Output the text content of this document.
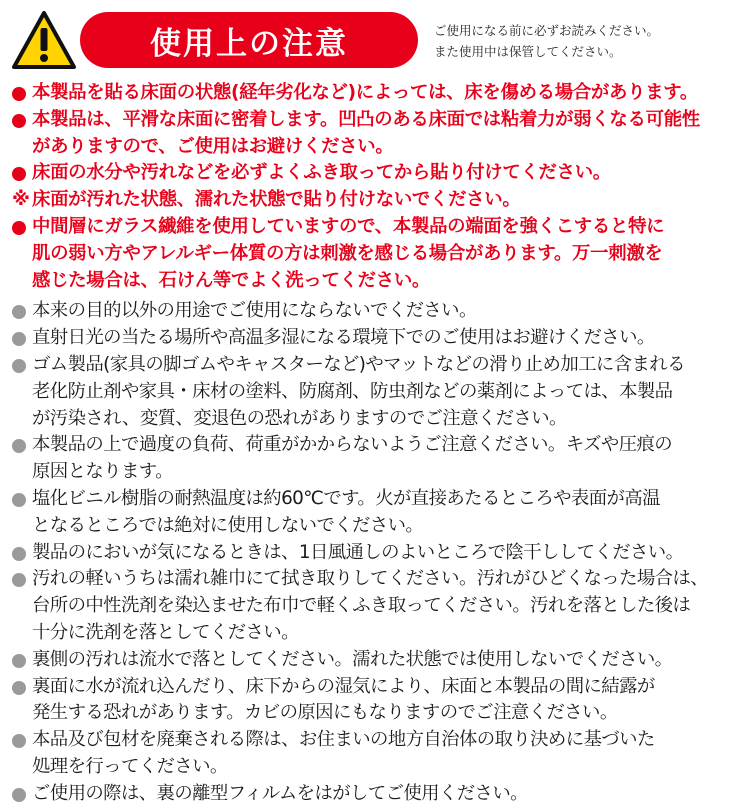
使用上の注意	ご使用になる前に必ずお読みください。
また使用中は保管してください。
本製品を貼る床面の状態(経年劣化など)によっては、床を傷める場合があります。
本製品は、平滑な床面に密着します。凹凸のある床面では粘着力が弱くなる可能性
がありますので、ご使用はお避けください。
床面の水分や汚れなどを必ずよくふき取ってから貼り付けてください。
※ 床面が汚れた状態、濡れた状態で貼り付けないでください。
中間層にガラス繊維を使用していますので、本製品の端面を強くこすると特に
肌の弱い方やアレルギー体質の方は刺激を感じる場合があります。万一刺激を
感じた場合は、石けん等でよく洗ってください。
本来の目的以外の用途でご使用にならないでください。
直射日光の当たる場所や高温多湿になる環境下でのご使用はお避けください。
ゴム製品(家具の脚ゴムやキャスターなど)やマットなどの滑り止め加工に含まれる
老化防止剤や家具・床材の塗料、防腐剤、防虫剤などの薬剤によっては、本製品
が汚染され、変質、変退色の恐れがありますのでご注意ください。
本製品の上で過度の負荷、荷重がかからないようご注意ください。キズや圧痕の
原因となります。
塩化ビニル樹脂の耐熱温度は約60℃です。火が直接あたるところや表面が高温
となるところでは絶対に使用しないでください。
製品のにおいが気になるときは、1日風通しのよいところで陰干ししてください。
汚れの軽いうちは濡れ雑巾にて拭き取りしてください。汚れがひどくなった場合は、
台所の中性洗剤を染込ませた布巾で軽くふき取ってください。汚れを落とした後は
十分に洗剤を落としてください。
裏側の汚れは流水で落としてください。濡れた状態では使用しないでください。
裏面に水が流れ込んだり、床下からの湿気により、床面と本製品の間に結露が
発生する恐れがあります。カビの原因にもなりますのでご注意ください。
本品及び包材を廃棄される際は、お住まいの地方自治体の取り決めに基づいた
処理を行ってください。
ご使用の際は、裏の離型フィルムをはがしてご使用ください。
